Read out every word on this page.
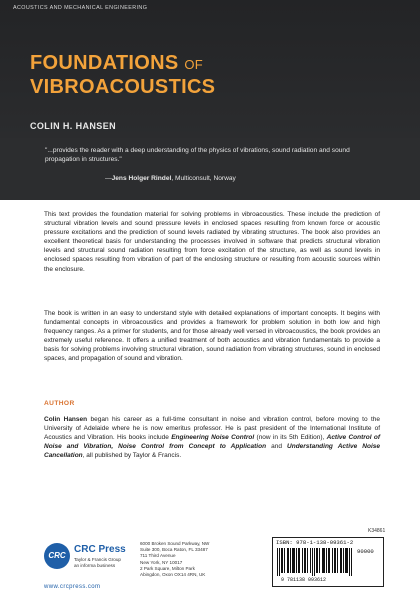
ACOUSTICS AND MECHANICAL ENGINEERING
FOUNDATIONS OF
VIBROACOUSTICS
COLIN H. HANSEN
"...provides the reader with a deep understanding of the physics of vibrations, sound radiation and sound propagation in structures."
—Jens Holger Rindel, Multiconsult, Norway

This text provides the foundation material for solving problems in vibroacoustics. These include the prediction of structural vibration levels and sound pressure levels in enclosed spaces resulting from known force or acoustic pressure excitations and the prediction of sound levels radiated by vibrating structures. The book also provides an excellent theoretical basis for understanding the processes involved in software that predicts structural vibration levels and structural sound radiation resulting from force excitation of the structure, as well as sound levels in enclosed spaces resulting from vibration of part of the enclosing structure or resulting from acoustic sources within the enclosure.

The book is written in an easy to understand style with detailed explanations of important concepts. It begins with fundamental concepts in vibroacoustics and provides a framework for problem solution in both low and high frequency ranges. As a primer for students, and for those already well versed in vibroacoustics, the book provides an extremely useful reference. It offers a unified treatment of both acoustics and vibration fundamentals to provide a basis for solving problems involving structural vibration, sound radiation from vibrating structures, sound in enclosed spaces, and propagation of sound and vibration.

AUTHOR

Colin Hansen began his career as a full-time consultant in noise and vibration control, before moving to the University of Adelaide where he is now emeritus professor. He is past president of the International Institute of Acoustics and Vibration. His books include Engineering Noise Control (now in its 5th Edition), Active Control of Noise and Vibration, Noise Control from Concept to Application and Understanding Active Noise Cancellation, all published by Taylor & Francis.

CRC
CRC Press
Taylor & Francis Group
an informa business
www.crcpress.com
6000 Broken Sound Parkway, NW
Suite 300, Boca Raton, FL 33487
711 Third Avenue
New York, NY 10017
2 Park Square, Milton Park
Abingdon, Oxon OX14 4RN, UK
K34861
ISBN: 978-1-138-09361-2
90000
9 781138 093612
